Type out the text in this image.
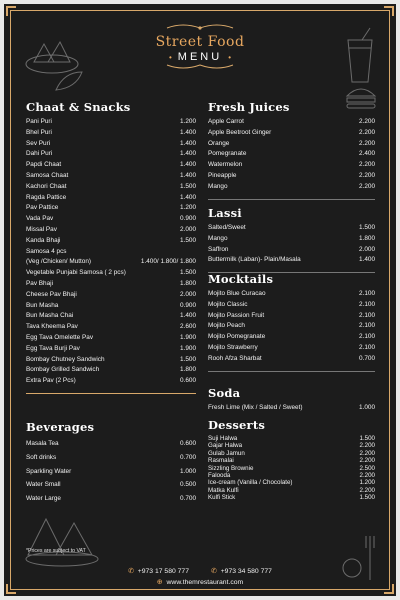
Street Food
• MENU •
Chaat & Snacks
Pani Puri	1.200
Bhel Puri	1.400
Sev Puri	1.400
Dahi Puri	1.400
Papdi Chaat	1.400
Samosa Chaat	1.400
Kachori Chaat	1.500
Ragda Pattice	1.400
Pav Pattice	1.200
Vada Pav	0.900
Missal Pav	2.000
Kanda Bhaji	1.500
Samosa 4 pcs
(Veg /Chicken/ Mutton)	1.400/ 1.800/ 1.800
Vegetable Punjabi Samosa ( 2 pcs)	1.500
Pav Bhaji	1.800
Cheese Pav Bhaji	2.000
Bun Masha	0.900
Bun Masha Chai	1.400
Tava Kheema Pav	2.600
Egg Tava Omelette Pav	1.900
Egg Tava Burji Pav	1.900
Bombay Chutney Sandwich	1.500
Bombay Grilled Sandwich	1.800
Extra Pav (2 Pcs)	0.600
Beverages
Masala Tea	0.600
Soft drinks	0.700
Sparkling Water	1.000
Water Small	0.500
Water Large	0.700
Fresh Juices
Apple Carrot	2.200
Apple Beetroot Ginger	2.200
Orange	2.200
Pomegranate	2.400
Watermelon	2.200
Pineapple	2.200
Mango	2.200
Lassi
Salted/Sweet	1.500
Mango	1.800
Saffron	2.000
Buttermilk (Laban)- Plain/Masala	1.400
Mocktails
Mojito Blue Curacao	2.100
Mojito Classic	2.100
Mojito Passion Fruit	2.100
Mojito Peach	2.100
Mojito Pomegranate	2.100
Mojito Strawberry	2.100
Rooh Afza Sharbat	0.700
Soda
Fresh Lime (Mix / Salted / Sweet)	1.000
Desserts
Suji Halwa	1.500
Gajar Halwa	2.200
Gulab Jamun	2.200
Rasmalai	2.200
Sizzling Brownie	2.500
Falooda	2.200
Ice-cream (Vanilla / Chocolate)	1.200
Matka Kulfi	2.200
Kulfi Stick	1.500
*Prices are subject to VAT
✆ +973 17 580 777	✆ +973 34 580 777
⊕ www.themrestaurant.com
